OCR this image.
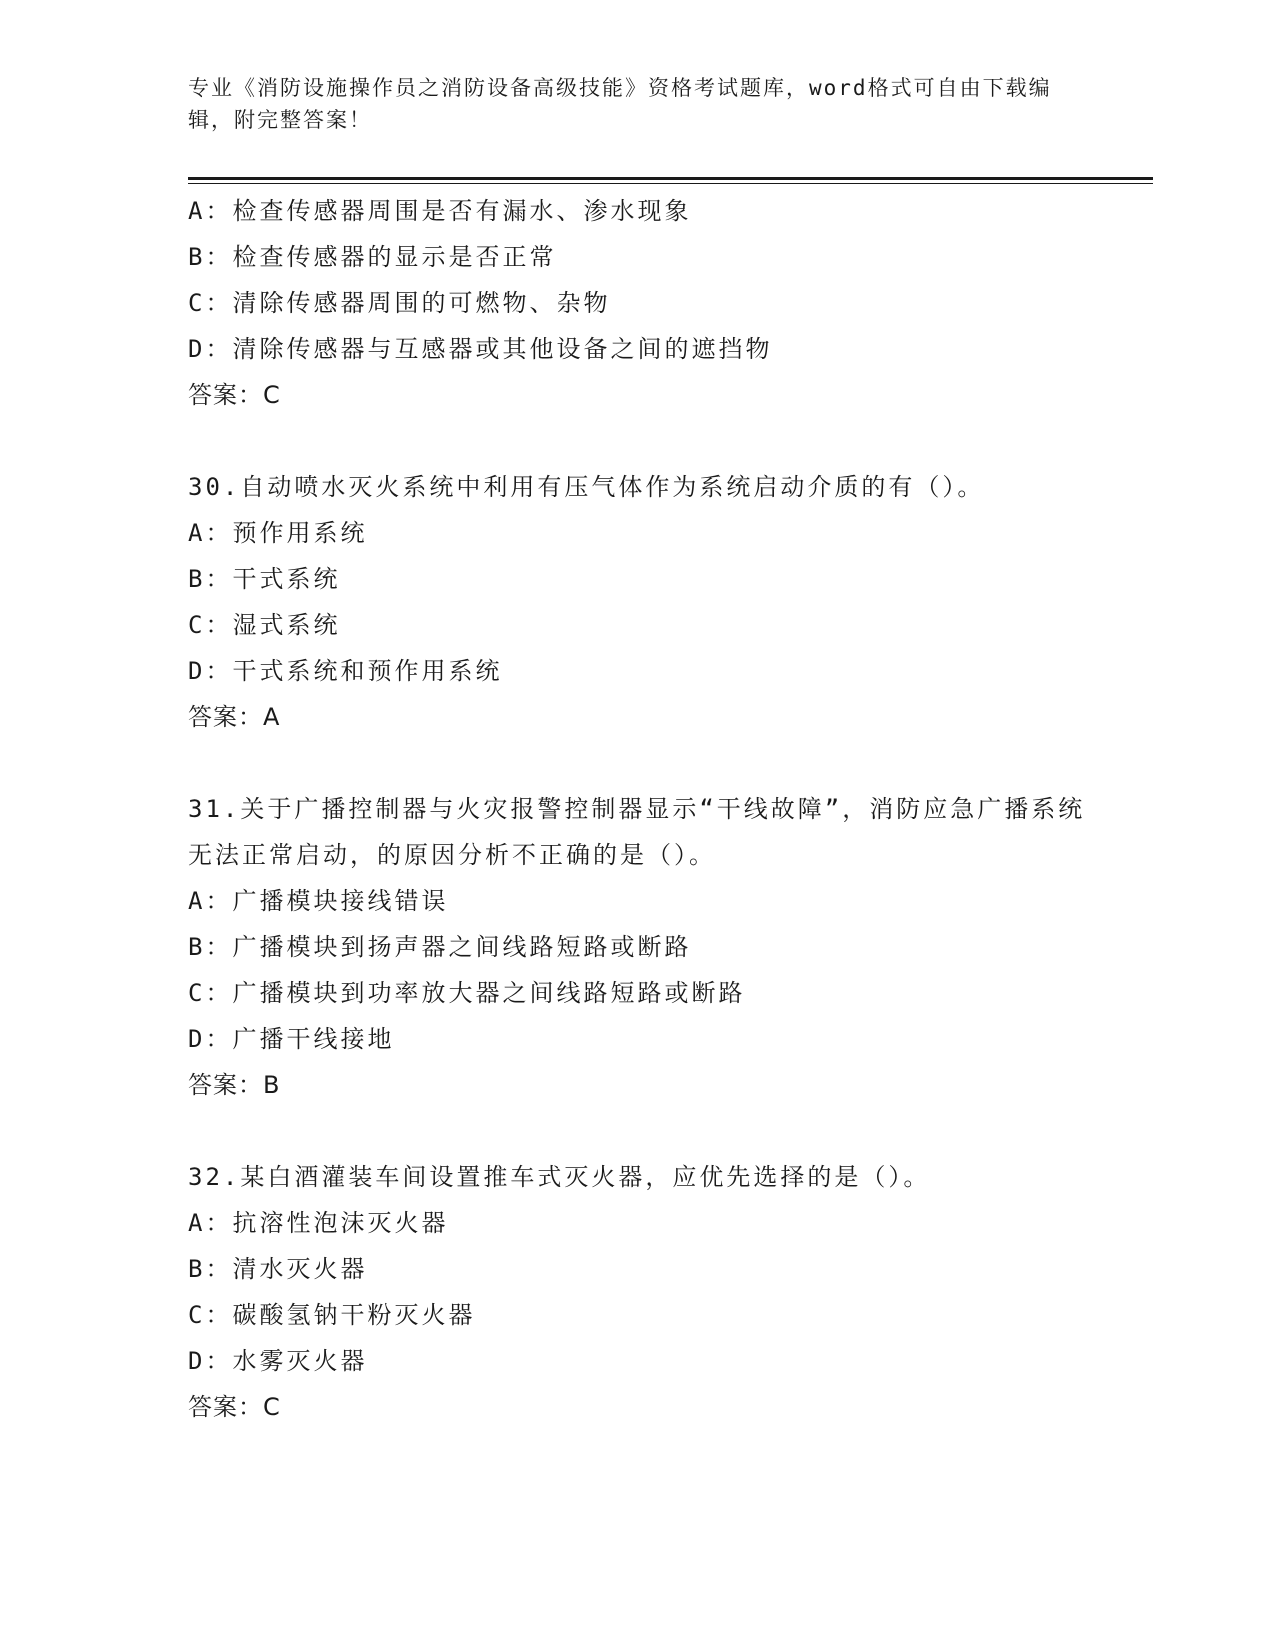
专业《消防设施操作员之消防设备高级技能》资格考试题库，word格式可自由下载编辑，附完整答案！
A：检查传感器周围是否有漏水、渗水现象
B：检查传感器的显示是否正常
C：清除传感器周围的可燃物、杂物
D：清除传感器与互感器或其他设备之间的遮挡物
答案：C
30.自动喷水灭火系统中利用有压气体作为系统启动介质的有（）。
A：预作用系统
B：干式系统
C：湿式系统
D：干式系统和预作用系统
答案：A
31.关于广播控制器与火灾报警控制器显示“干线故障”，消防应急广播系统无法正常启动，的原因分析不正确的是（）。
A：广播模块接线错误
B：广播模块到扬声器之间线路短路或断路
C：广播模块到功率放大器之间线路短路或断路
D：广播干线接地
答案：B
32.某白酒灌装车间设置推车式灭火器，应优先选择的是（）。
A：抗溶性泡沫灭火器
B：清水灭火器
C：碳酸氢钠干粉灭火器
D：水雾灭火器
答案：C
